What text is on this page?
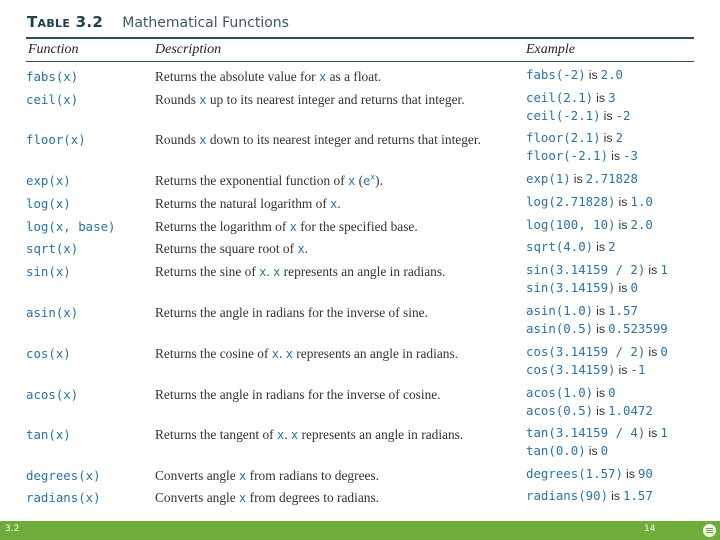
Table 3.2 Mathematical Functions
Function	Description	Example
fabs(x)	Returns the absolute value for x as a float.	fabs(-2) is 2.0

ceil(x)	Rounds x up to its nearest integer and returns that integer.	ceil(2.1) is 3
ceil(-2.1) is -2

floor(x)	Rounds x down to its nearest integer and returns that integer.	floor(2.1) is 2
floor(-2.1) is -3

exp(x)	Returns the exponential function of x $(e^x)$.	exp(1) is 2.71828

log(x)	Returns the natural logarithm of x.	log(2.71828) is 1.0

log(x, base)	Returns the logarithm of x for the specified base.	log(100, 10) is 2.0

sqrt(x)	Returns the square root of x.	sqrt(4.0) is 2

sin(x)	Returns the sine of x. x represents an angle in radians.	sin(3.14159 / 2) is 1
sin(3.14159) is 0

asin(x)	Returns the angle in radians for the inverse of sine.	asin(1.0) is 1.57
asin(0.5) is 0.523599

cos(x)	Returns the cosine of x. x represents an angle in radians.	cos(3.14159 / 2) is 0
cos(3.14159) is -1

acos(x)	Returns the angle in radians for the inverse of cosine.	acos(1.0) is 0
acos(0.5) is 1.0472

tan(x)	Returns the tangent of x. x represents an angle in radians.	tan(3.14159 / 4) is 1
tan(0.0) is 0

degrees(x)	Converts angle x from radians to degrees.	degrees(1.57) is 90

radians(x)	Converts angle x from degrees to radians.	radians(90) is 1.57
3.2	14
